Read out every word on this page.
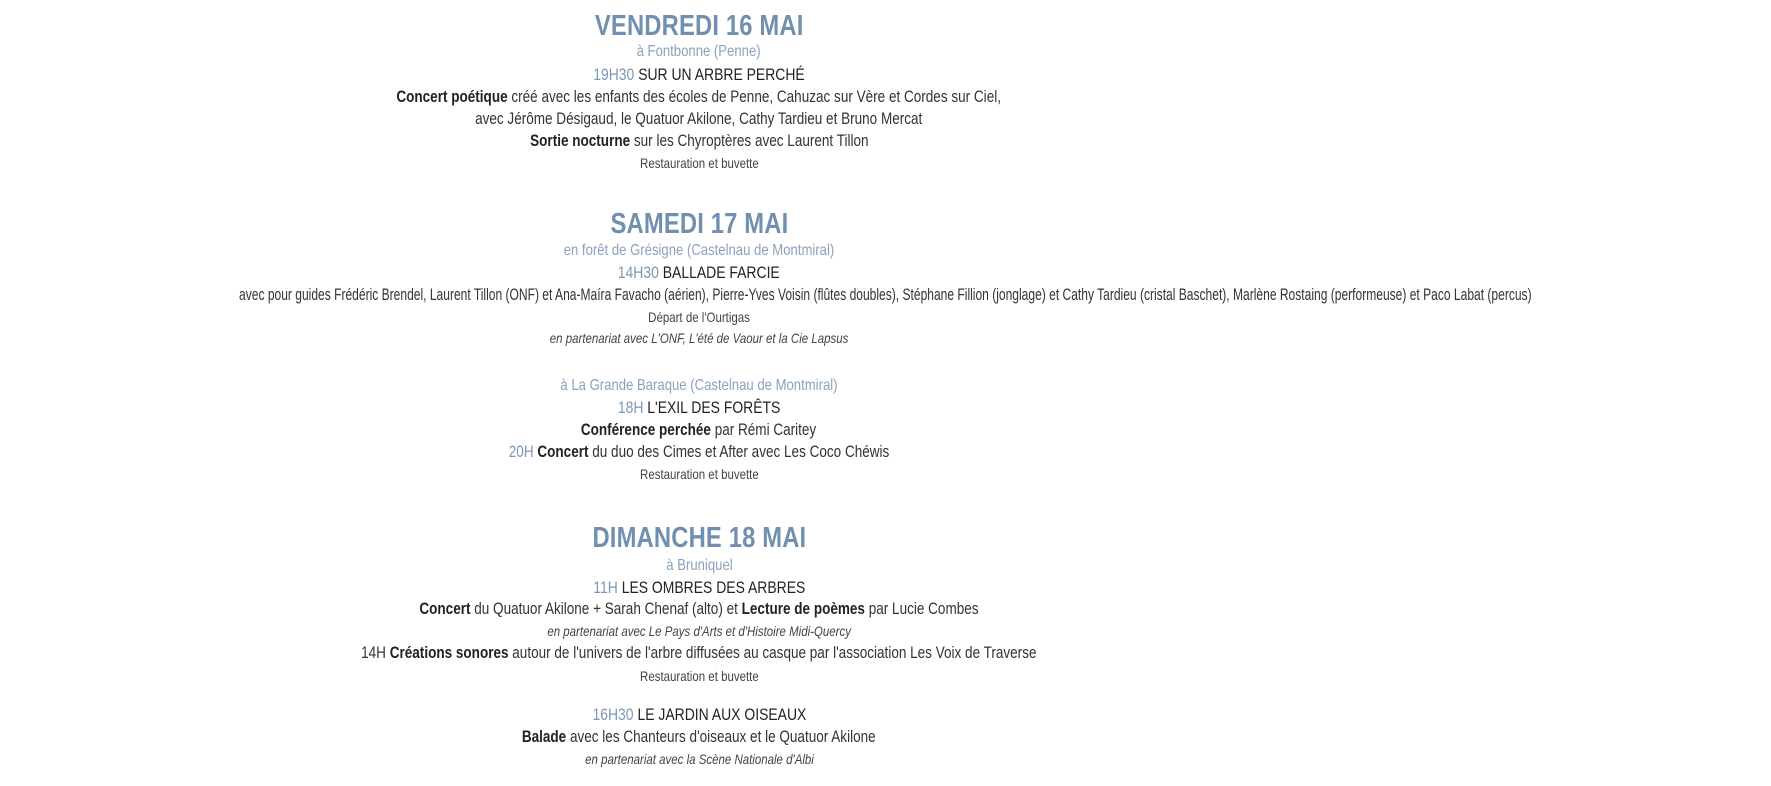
VENDREDI 16 MAI
à Fontbonne (Penne)
19H30 SUR UN ARBRE PERCHÉ
Concert poétique créé avec les enfants des écoles de Penne, Cahuzac sur Vère et Cordes sur Ciel,
avec Jérôme Désigaud, le Quatuor Akilone, Cathy Tardieu et Bruno Mercat
Sortie nocturne sur les Chyroptères avec Laurent Tillon
Restauration et buvette
SAMEDI 17 MAI
en forêt de Grésigne (Castelnau de Montmiral)
14H30 BALLADE FARCIE
avec pour guides Frédéric Brendel, Laurent Tillon (ONF) et Ana-Maíra Favacho (aérien), Pierre-Yves Voisin (flûtes doubles), Stéphane Fillion (jonglage) et Cathy Tardieu (cristal Baschet), Marlène Rostaing (performeuse) et Paco Labat (percus)
Départ de l'Ourtigas
en partenariat avec L'ONF, L'été de Vaour et la Cie Lapsus
à La Grande Baraque (Castelnau de Montmiral)
18H L'EXIL DES FORÊTS
Conférence perchée par Rémi Caritey
20H Concert du duo des Cimes et After avec Les Coco Chéwis
Restauration et buvette
DIMANCHE 18 MAI
à Bruniquel
11H LES OMBRES DES ARBRES
Concert du Quatuor Akilone + Sarah Chenaf (alto) et Lecture de poèmes par Lucie Combes
en partenariat avec Le Pays d'Arts et d'Histoire Midi-Quercy
14H Créations sonores autour de l'univers de l'arbre diffusées au casque par l'association Les Voix de Traverse
Restauration et buvette
16H30 LE JARDIN AUX OISEAUX
Balade avec les Chanteurs d'oiseaux et le Quatuor Akilone
en partenariat avec la Scène Nationale d'Albi
